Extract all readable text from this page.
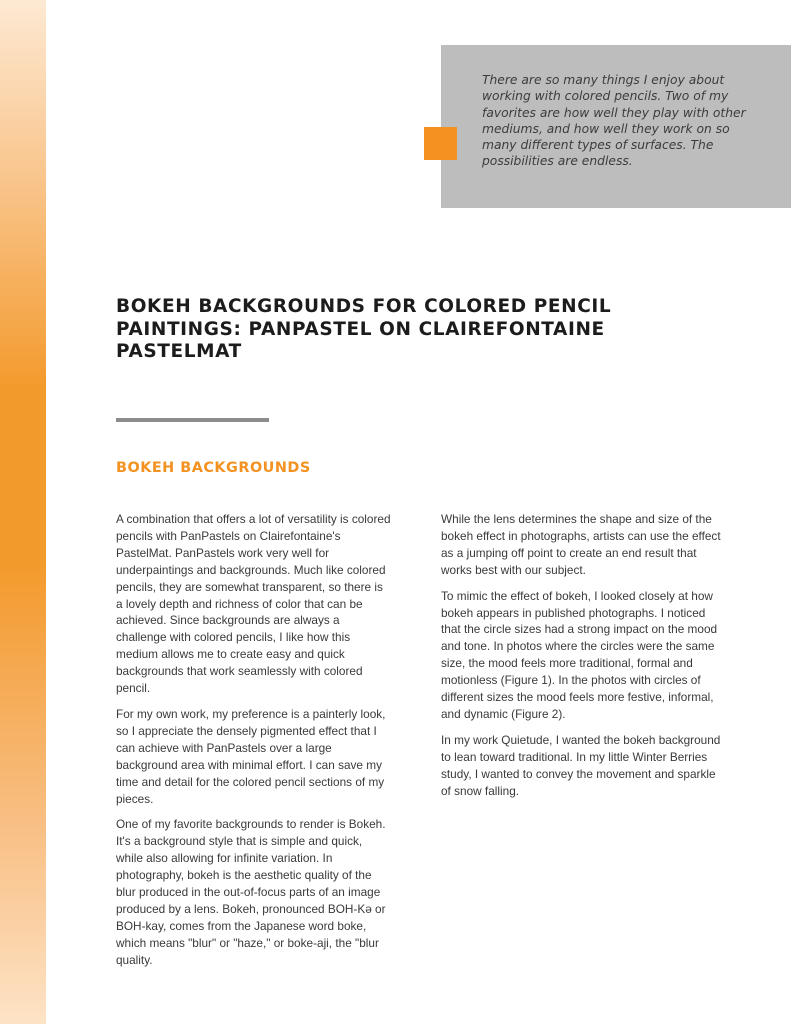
There are so many things I enjoy about working with colored pencils. Two of my favorites are how well they play with other mediums, and how well they work on so many different types of surfaces. The possibilities are endless.

BOKEH BACKGROUNDS FOR COLORED PENCIL PAINTINGS: PANPASTEL ON CLAIREFONTAINE PASTELMAT
BOKEH BACKGROUNDS

A combination that offers a lot of versatility is colored pencils with PanPastels on Clairefontaine's PastelMat. PanPastels work very well for underpaintings and backgrounds. Much like colored pencils, they are somewhat transparent, so there is a lovely depth and richness of color that can be achieved. Since backgrounds are always a challenge with colored pencils, I like how this medium allows me to create easy and quick backgrounds that work seamlessly with colored pencil.

For my own work, my preference is a painterly look, so I appreciate the densely pigmented effect that I can achieve with PanPastels over a large background area with minimal effort. I can save my time and detail for the colored pencil sections of my pieces.

One of my favorite backgrounds to render is Bokeh. It's a background style that is simple and quick, while also allowing for infinite variation. In photography, bokeh is the aesthetic quality of the blur produced in the out-of-focus parts of an image produced by a lens. Bokeh, pronounced BOH-Kə or BOH-kay, comes from the Japanese word boke, which means "blur" or "haze," or boke-aji, the "blur quality.

While the lens determines the shape and size of the bokeh effect in photographs, artists can use the effect as a jumping off point to create an end result that works best with our subject.

To mimic the effect of bokeh, I looked closely at how bokeh appears in published photographs. I noticed that the circle sizes had a strong impact on the mood and tone. In photos where the circles were the same size, the mood feels more traditional, formal and motionless (Figure 1). In the photos with circles of different sizes the mood feels more festive, informal, and dynamic (Figure 2).

In my work Quietude, I wanted the bokeh background to lean toward traditional. In my little Winter Berries study, I wanted to convey the movement and sparkle of snow falling.
